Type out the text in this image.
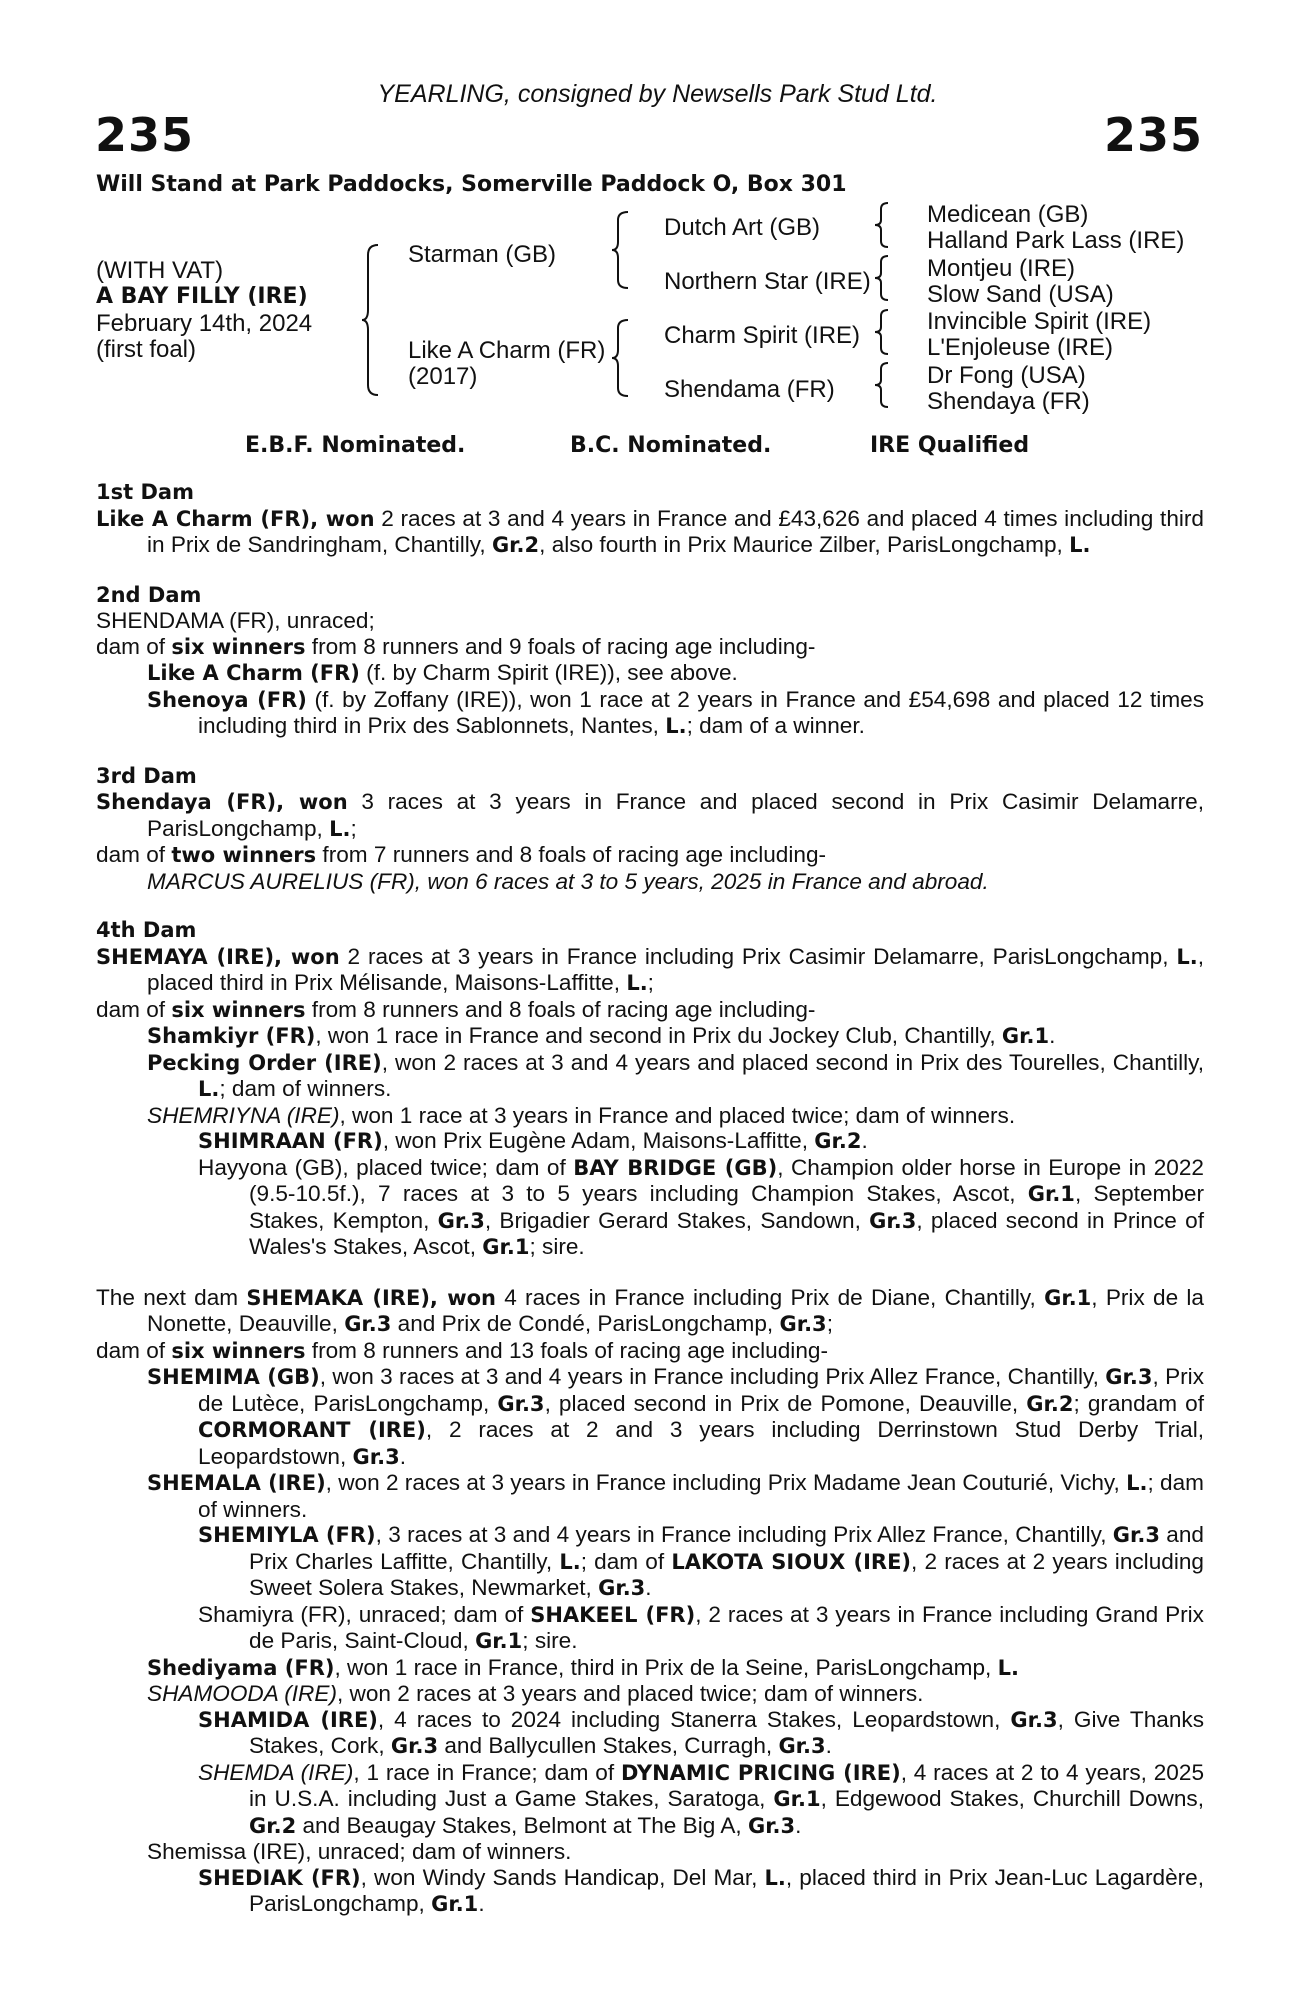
YEARLING, consigned by Newsells Park Stud Ltd.
235	235
Will Stand at Park Paddocks, Somerville Paddock O, Box 301
(WITH VAT)
A BAY FILLY (IRE)
February 14th, 2024
(first foal)
Starman (GB)
Like A Charm (FR)
(2017)
Dutch Art (GB)
Northern Star (IRE)
Charm Spirit (IRE)
Shendama (FR)
Medicean (GB)
Halland Park Lass (IRE)
Montjeu (IRE)
Slow Sand (USA)
Invincible Spirit (IRE)
L'Enjoleuse (IRE)
Dr Fong (USA)
Shendaya (FR)
E.B.F. Nominated.	B.C. Nominated.	IRE Qualified

1st Dam

Like A Charm (FR), won 2 races at 3 and 4 years in France and £43,626 and placed 4 times including third in Prix de Sandringham, Chantilly, Gr.2, also fourth in Prix Maurice Zilber, ParisLongchamp, L.

2nd Dam

SHENDAMA (FR), unraced;

dam of six winners from 8 runners and 9 foals of racing age including-

Like A Charm (FR) (f. by Charm Spirit (IRE)), see above.

Shenoya (FR) (f. by Zoffany (IRE)), won 1 race at 2 years in France and £54,698 and placed 12 times including third in Prix des Sablonnets, Nantes, L.; dam of a winner.

3rd Dam

Shendaya (FR), won 3 races at 3 years in France and placed second in Prix Casimir Delamarre, ParisLongchamp, L.;

dam of two winners from 7 runners and 8 foals of racing age including-

MARCUS AURELIUS (FR), won 6 races at 3 to 5 years, 2025 in France and abroad.

4th Dam

SHEMAYA (IRE), won 2 races at 3 years in France including Prix Casimir Delamarre, ParisLongchamp, L., placed third in Prix Mélisande, Maisons-Laffitte, L.;

dam of six winners from 8 runners and 8 foals of racing age including-

Shamkiyr (FR), won 1 race in France and second in Prix du Jockey Club, Chantilly, Gr.1.

Pecking Order (IRE), won 2 races at 3 and 4 years and placed second in Prix des Tourelles, Chantilly, L.; dam of winners.

SHEMRIYNA (IRE), won 1 race at 3 years in France and placed twice; dam of winners.

SHIMRAAN (FR), won Prix Eugène Adam, Maisons-Laffitte, Gr.2.

Hayyona (GB), placed twice; dam of BAY BRIDGE (GB), Champion older horse in Europe in 2022 (9.5-10.5f.), 7 races at 3 to 5 years including Champion Stakes, Ascot, Gr.1, September Stakes, Kempton, Gr.3, Brigadier Gerard Stakes, Sandown, Gr.3, placed second in Prince of Wales's Stakes, Ascot, Gr.1; sire.

The next dam SHEMAKA (IRE), won 4 races in France including Prix de Diane, Chantilly, Gr.1, Prix de la Nonette, Deauville, Gr.3 and Prix de Condé, ParisLongchamp, Gr.3;

dam of six winners from 8 runners and 13 foals of racing age including-

SHEMIMA (GB), won 3 races at 3 and 4 years in France including Prix Allez France, Chantilly, Gr.3, Prix de Lutèce, ParisLongchamp, Gr.3, placed second in Prix de Pomone, Deauville, Gr.2; grandam of CORMORANT (IRE), 2 races at 2 and 3 years including Derrinstown Stud Derby Trial, Leopardstown, Gr.3.

SHEMALA (IRE), won 2 races at 3 years in France including Prix Madame Jean Couturié, Vichy, L.; dam of winners.

SHEMIYLA (FR), 3 races at 3 and 4 years in France including Prix Allez France, Chantilly, Gr.3 and Prix Charles Laffitte, Chantilly, L.; dam of LAKOTA SIOUX (IRE), 2 races at 2 years including Sweet Solera Stakes, Newmarket, Gr.3.

Shamiyra (FR), unraced; dam of SHAKEEL (FR), 2 races at 3 years in France including Grand Prix de Paris, Saint-Cloud, Gr.1; sire.

Shediyama (FR), won 1 race in France, third in Prix de la Seine, ParisLongchamp, L.

SHAMOODA (IRE), won 2 races at 3 years and placed twice; dam of winners.

SHAMIDA (IRE), 4 races to 2024 including Stanerra Stakes, Leopardstown, Gr.3, Give Thanks Stakes, Cork, Gr.3 and Ballycullen Stakes, Curragh, Gr.3.

SHEMDA (IRE), 1 race in France; dam of DYNAMIC PRICING (IRE), 4 races at 2 to 4 years, 2025 in U.S.A. including Just a Game Stakes, Saratoga, Gr.1, Edgewood Stakes, Churchill Downs, Gr.2 and Beaugay Stakes, Belmont at The Big A, Gr.3.

Shemissa (IRE), unraced; dam of winners.

SHEDIAK (FR), won Windy Sands Handicap, Del Mar, L., placed third in Prix Jean-Luc Lagardère, ParisLongchamp, Gr.1.
